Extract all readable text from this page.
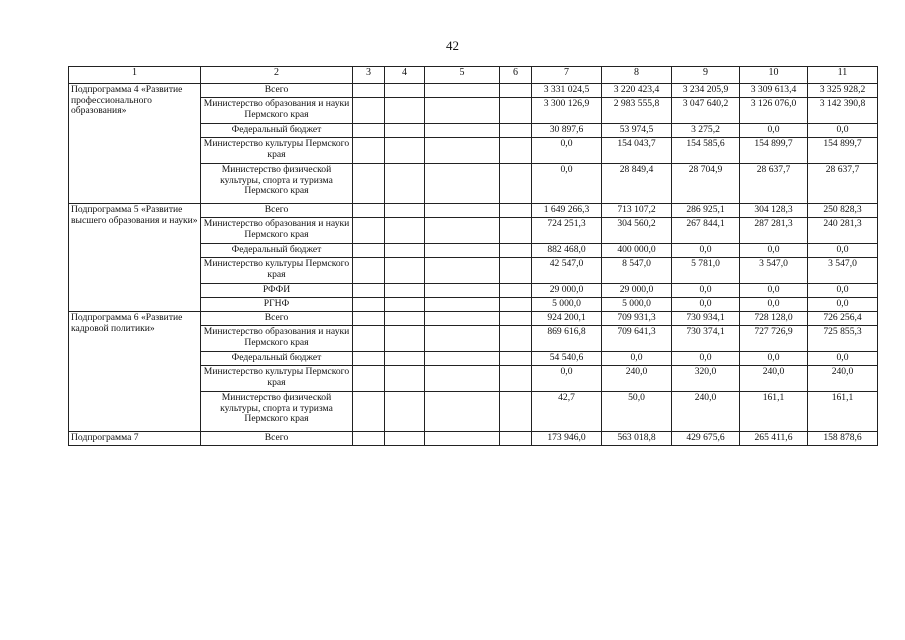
42
1	2	3	4	5	6	7	8	9	10	11
Подпрограмма 4 «Развитие профессионального образования»	Всего					3 331 024,5	3 220 423,4	3 234 205,9	3 309 613,4	3 325 928,2
	Министерство образования и науки Пермского края					3 300 126,9	2 983 555,8	3 047 640,2	3 126 076,0	3 142 390,8
	Федеральный бюджет					30 897,6	53 974,5	3 275,2	0,0	0,0
	Министерство культуры Пермского края					0,0	154 043,7	154 585,6	154 899,7	154 899,7
	Министерство физической культуры, спорта и туризма Пермского края					0,0	28 849,4	28 704,9	28 637,7	28 637,7
Подпрограмма 5 «Развитие высшего образования и науки»	Всего					1 649 266,3	713 107,2	286 925,1	304 128,3	250 828,3
	Министерство образования и науки Пермского края					724 251,3	304 560,2	267 844,1	287 281,3	240 281,3
	Федеральный бюджет					882 468,0	400 000,0	0,0	0,0	0,0
	Министерство культуры Пермского края					42 547,0	8 547,0	5 781,0	3 547,0	3 547,0
	РФФИ					29 000,0	29 000,0	0,0	0,0	0,0
	РГНФ					5 000,0	5 000,0	0,0	0,0	0,0
Подпрограмма 6 «Развитие кадровой политики»	Всего					924 200,1	709 931,3	730 934,1	728 128,0	726 256,4
	Министерство образования и науки Пермского края					869 616,8	709 641,3	730 374,1	727 726,9	725 855,3
	Федеральный бюджет					54 540,6	0,0	0,0	0,0	0,0
	Министерство культуры Пермского края					0,0	240,0	320,0	240,0	240,0
	Министерство физической культуры, спорта и туризма Пермского края					42,7	50,0	240,0	161,1	161,1
Подпрограмма 7	Всего					173 946,0	563 018,8	429 675,6	265 411,6	158 878,6
